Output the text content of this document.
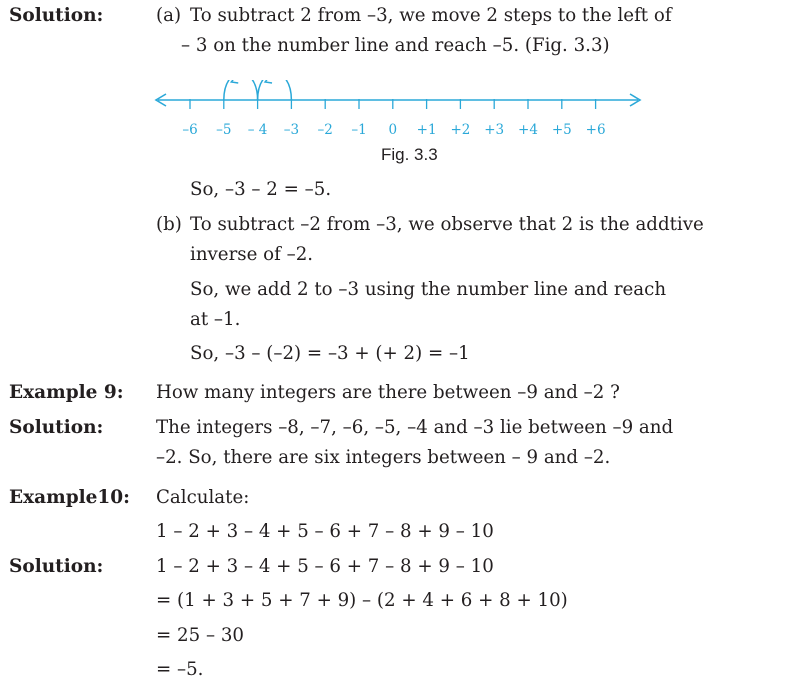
Solution:	(a) To subtract 2 from –3, we move 2 steps to the left of
– 3 on the number line and reach –5. (Fig. 3.3)
–6 –5 – 4 –3 –2 –1 0 +1 +2 +3 +4 +5 +6
Fig. 3.3
So, –3 – 2 = –5.
(b) To subtract –2 from –3, we observe that 2 is the addtive
inverse of –2.
So, we add 2 to –3 using the number line and reach
at –1.
So, –3 – (–2) = –3 + (+ 2) = –1
Example 9: How many integers are there between –9 and –2 ?
Solution:	The integers –8, –7, –6, –5, –4 and –3 lie between –9 and
–2. So, there are six integers between – 9 and –2.
Example10: Calculate:
1 – 2 + 3 – 4 + 5 – 6 + 7 – 8 + 9 – 10
Solution:	1 – 2 + 3 – 4 + 5 – 6 + 7 – 8 + 9 – 10
= (1 + 3 + 5 + 7 + 9) – (2 + 4 + 6 + 8 + 10)
= 25 – 30
= –5.
